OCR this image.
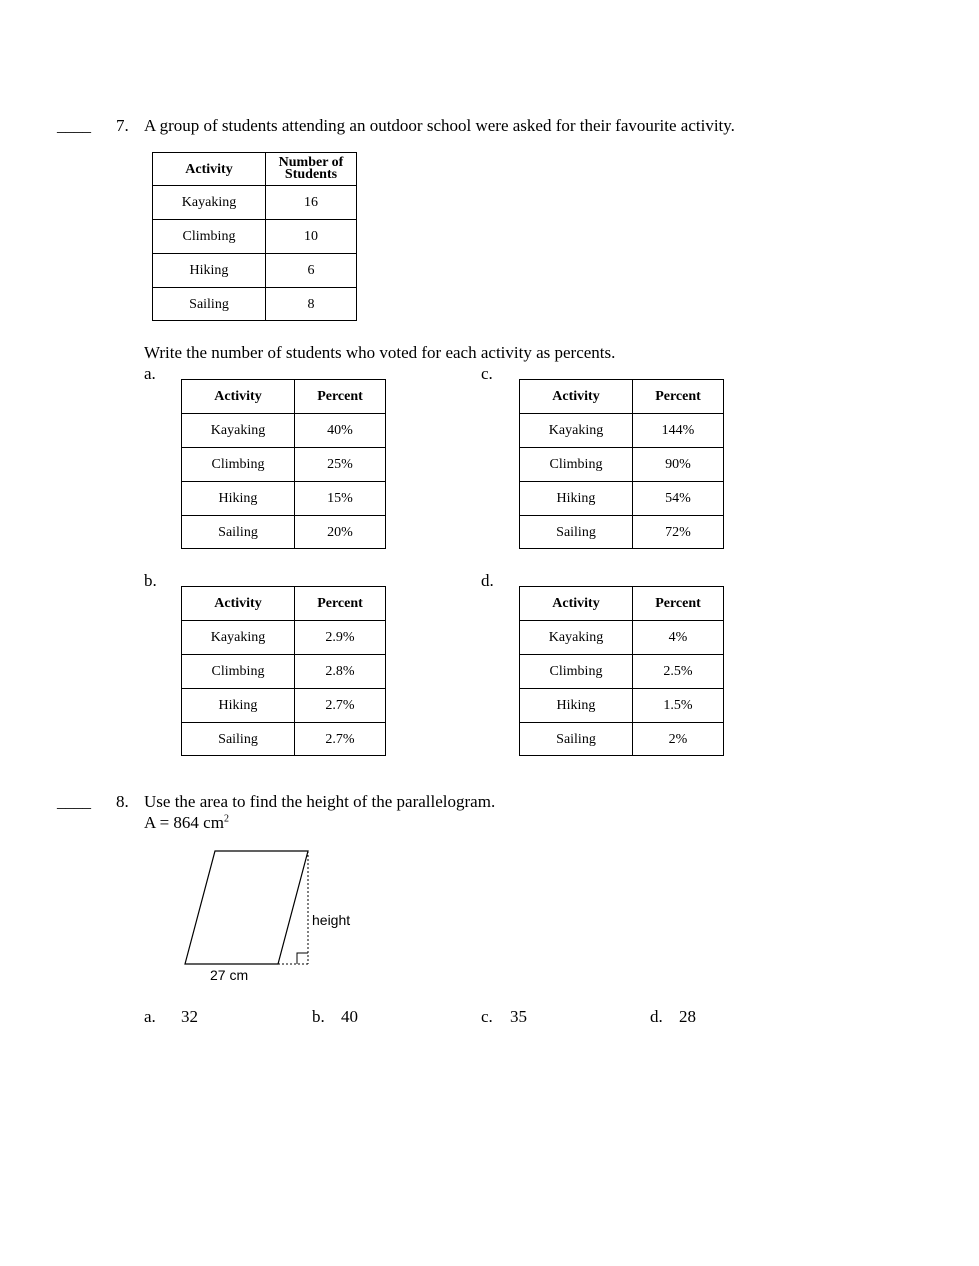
____ 7. A group of students attending an outdoor school were asked for their favourite activity.
Activity	Number of
Students

Kayaking	16
Climbing	10
Hiking	6
Sailing	8
Write the number of students who voted for each activity as percents.
a.
Activity	Percent
Kayaking	40%
Climbing	25%
Hiking	15%
Sailing	20%
c.
Activity	Percent
Kayaking	144%
Climbing	90%
Hiking	54%
Sailing	72%
b.
Activity	Percent
Kayaking	2.9%
Climbing	2.8%
Hiking	2.7%
Sailing	2.7%
d.
Activity	Percent
Kayaking	4%
Climbing	2.5%
Hiking	1.5%
Sailing	2%
____ 8. Use the area to find the height of the parallelogram.
A = 864 $cm^2$
height
27 cm
a. 32	b. 40	c. 35	d. 28
